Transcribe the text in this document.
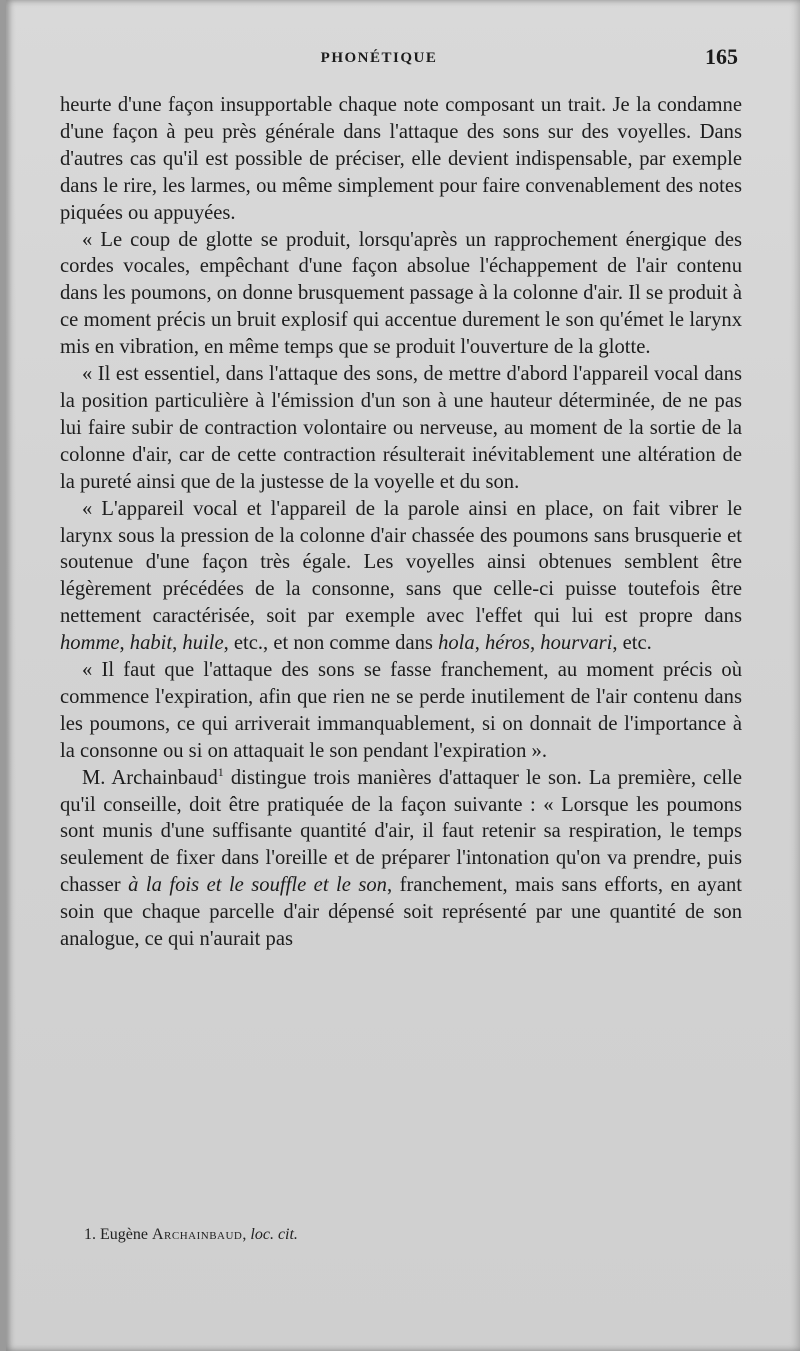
PHONÉTIQUE	165

heurte d'une façon insupportable chaque note composant un trait. Je la condamne d'une façon à peu près générale dans l'attaque des sons sur des voyelles. Dans d'autres cas qu'il est possible de préciser, elle devient indispensable, par exemple dans le rire, les larmes, ou même simplement pour faire convenablement des notes piquées ou appuyées.

« Le coup de glotte se produit, lorsqu'après un rapprochement énergique des cordes vocales, empêchant d'une façon absolue l'échappement de l'air contenu dans les poumons, on donne brusquement passage à la colonne d'air. Il se produit à ce moment précis un bruit explosif qui accentue durement le son qu'émet le larynx mis en vibration, en même temps que se produit l'ouverture de la glotte.

« Il est essentiel, dans l'attaque des sons, de mettre d'abord l'appareil vocal dans la position particulière à l'émission d'un son à une hauteur déterminée, de ne pas lui faire subir de contraction volontaire ou nerveuse, au moment de la sortie de la colonne d'air, car de cette contraction résulterait inévitablement une altération de la pureté ainsi que de la justesse de la voyelle et du son.

« L'appareil vocal et l'appareil de la parole ainsi en place, on fait vibrer le larynx sous la pression de la colonne d'air chassée des poumons sans brusquerie et soutenue d'une façon très égale. Les voyelles ainsi obtenues semblent être légèrement précédées de la consonne, sans que celle-ci puisse toutefois être nettement caractérisée, soit par exemple avec l'effet qui lui est propre dans homme, habit, huile, etc., et non comme dans hola, héros, hourvari, etc.

« Il faut que l'attaque des sons se fasse franchement, au moment précis où commence l'expiration, afin que rien ne se perde inutilement de l'air contenu dans les poumons, ce qui arriverait immanquablement, si on donnait de l'importance à la consonne ou si on attaquait le son pendant l'expiration ».

M. Archainbaud$^1$ distingue trois manières d'attaquer le son. La première, celle qu'il conseille, doit être pratiquée de la façon suivante : « Lorsque les poumons sont munis d'une suffisante quantité d'air, il faut retenir sa respiration, le temps seulement de fixer dans l'oreille et de préparer l'intonation qu'on va prendre, puis chasser à la fois et le souffle et le son, franchement, mais sans efforts, en ayant soin que chaque parcelle d'air dépensé soit représenté par une quantité de son analogue, ce qui n'aurait pas

1. Eugène Archainbaud, loc. cit.
